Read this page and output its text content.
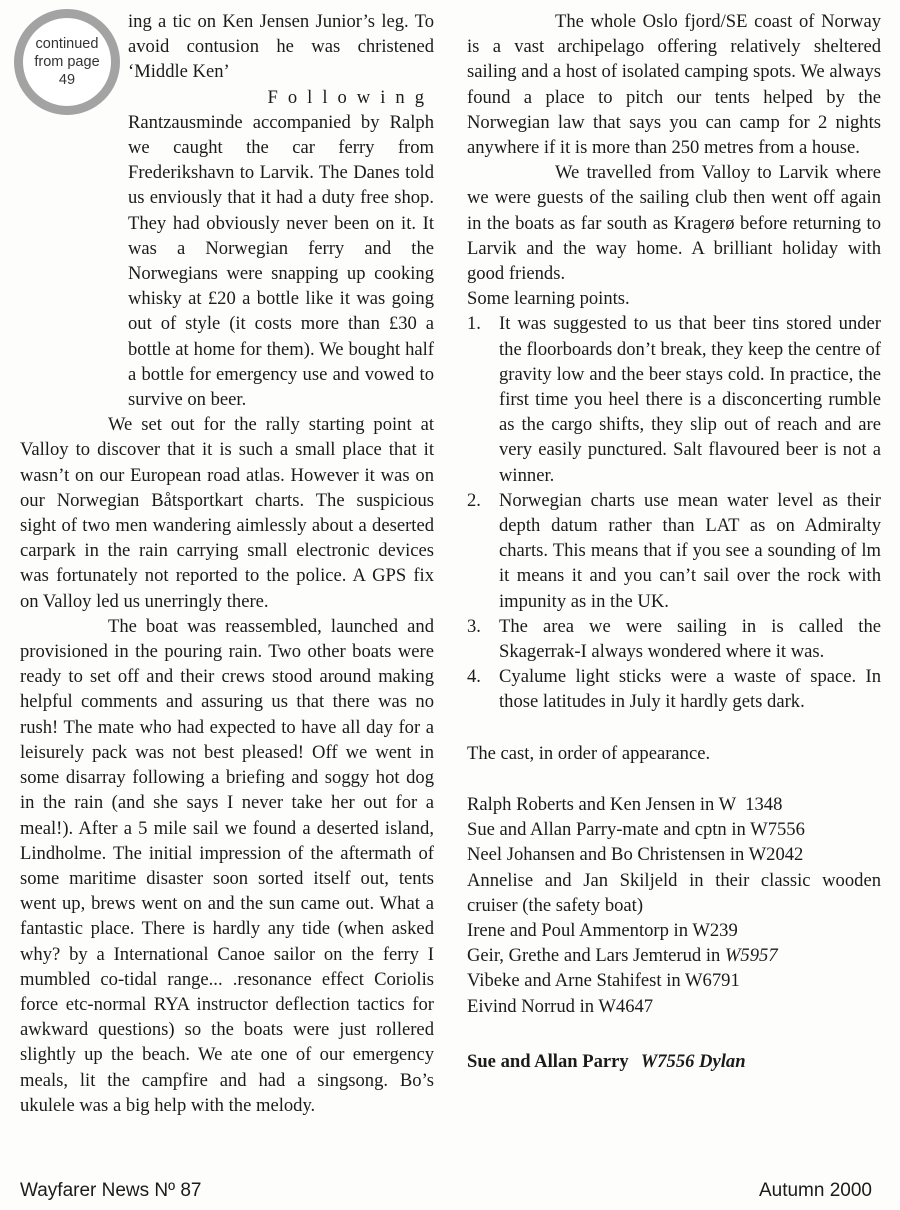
continued
from page
49

ing a tic on Ken Jensen Junior’s leg. To avoid contusion he was christened ‘Middle Ken’

Following

Rantzausminde accompanied by Ralph we caught the car ferry from Frederikshavn to Larvik. The Danes told us enviously that it had a duty free shop. They had obviously never been on it. It was a Norwegian ferry and the Norwegians were snapping up cooking whisky at £20 a bottle like it was going out of style (it costs more than £30 a bottle at home for them). We bought half a bottle for emergency use and vowed to survive on beer.

We set out for the rally starting point at Valloy to discover that it is such a small place that it wasn’t on our European road atlas. However it was on our Norwegian Båtsportkart charts. The suspicious sight of two men wandering aimlessly about a deserted carpark in the rain carrying small electronic devices was fortunately not reported to the police. A GPS fix on Valloy led us unerringly there.

The boat was reassembled, launched and provisioned in the pouring rain. Two other boats were ready to set off and their crews stood around making helpful comments and assuring us that there was no rush! The mate who had expected to have all day for a leisurely pack was not best pleased! Off we went in some disarray following a briefing and soggy hot dog in the rain (and she says I never take her out for a meal!). After a 5 mile sail we found a deserted island, Lindholme. The initial impression of the aftermath of some maritime disaster soon sorted itself out, tents went up, brews went on and the sun came out. What a fantastic place. There is hardly any tide (when asked why? by a International Canoe sailor on the ferry I mumbled co-tidal range... .resonance effect Coriolis force etc-normal RYA instructor deflection tactics for awkward questions) so the boats were just rollered slightly up the beach. We ate one of our emergency meals, lit the campfire and had a singsong. Bo’s ukulele was a big help with the melody.

The whole Oslo fjord/SE coast of Norway is a vast archipelago offering relatively sheltered sailing and a host of isolated camping spots. We always found a place to pitch our tents helped by the Norwegian law that says you can camp for 2 nights anywhere if it is more than 250 metres from a house.

We travelled from Valloy to Larvik where we were guests of the sailing club then went off again in the boats as far south as Kragerø before returning to Larvik and the way home. A brilliant holiday with good friends.

Some learning points.

1. It was suggested to us that beer tins stored under the floorboards don’t break, they keep the centre of gravity low and the beer stays cold. In practice, the first time you heel there is a disconcerting rumble as the cargo shifts, they slip out of reach and are very easily punctured. Salt flavoured beer is not a winner.
2. Norwegian charts use mean water level as their depth datum rather than LAT as on Admiralty charts. This means that if you see a sounding of lm it means it and you can’t sail over the rock with impunity as in the UK.
3. The area we were sailing in is called the Skagerrak-I always wondered where it was.
4. Cyalume light sticks were a waste of space. In those latitudes in July it hardly gets dark.

The cast, in order of appearance.

Ralph Roberts and Ken Jensen in W  1348

Sue and Allan Parry-mate and cptn in W7556

Neel Johansen and Bo Christensen in W2042

Annelise and Jan Skiljeld in their classic wooden cruiser (the safety boat)

Irene and Poul Ammentorp in W239

Geir, Grethe and Lars Jemterud in W5957

Vibeke and Arne Stahifest in W6791

Eivind Norrud in W4647

Sue and Allan Parry W7556 Dylan

Wayfarer News Nº 87	Autumn 2000
